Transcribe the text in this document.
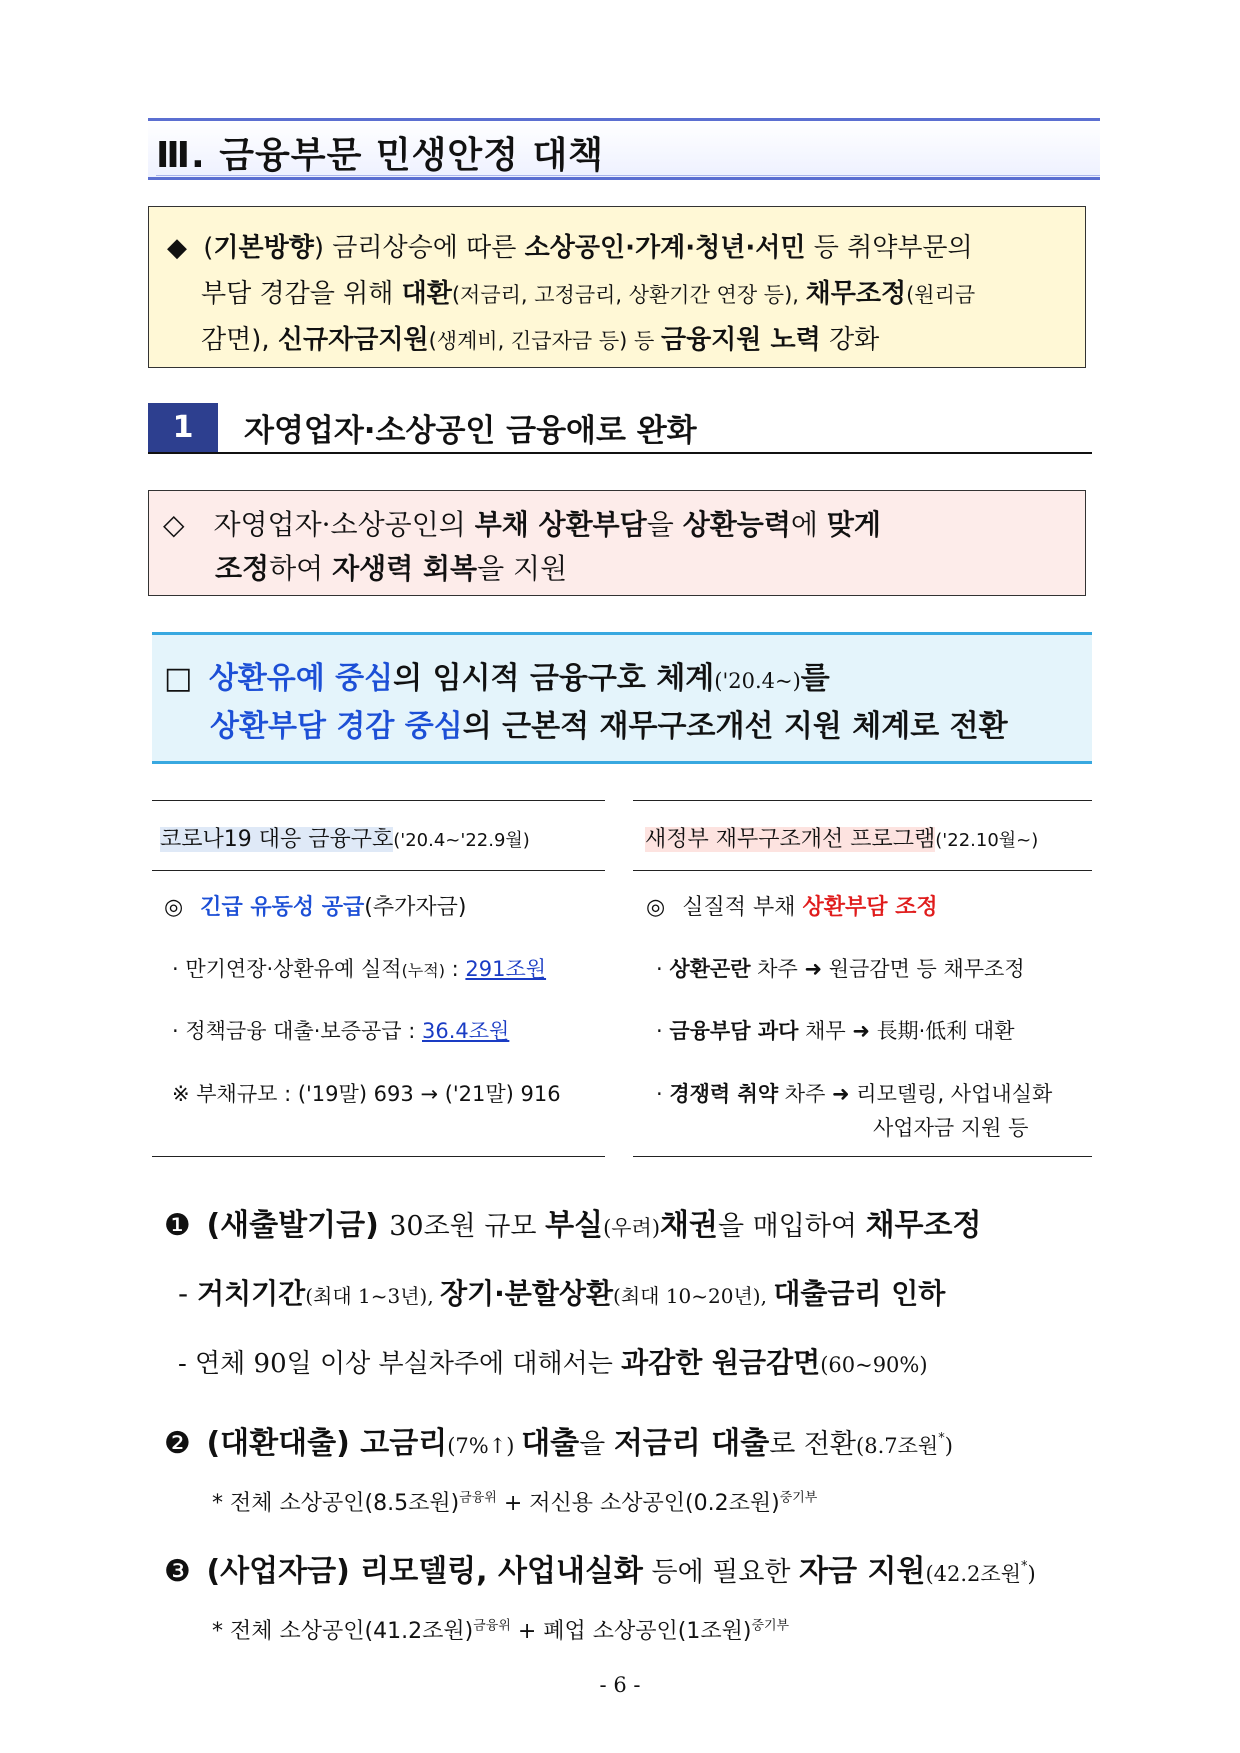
Ⅲ. 금융부문 민생안정 대책
◆ (기본방향) 금리상승에 따른 소상공인·가계·청년·서민 등 취약부문의
부담 경감을 위해 대환(저금리, 고정금리, 상환기간 연장 등), 채무조정(원리금
감면), 신규자금지원(생계비, 긴급자금 등) 등 금융지원 노력 강화
1	자영업자·소상공인 금융애로 완화
◇ 자영업자·소상공인의 부채 상환부담을 상환능력에 맞게
조정하여 자생력 회복을 지원
□ 상환유예 중심의 임시적 금융구호 체계('20.4~)를
상환부담 경감 중심의 근본적 재무구조개선 지원 체계로 전환
코로나19 대응 금융구호('20.4~'22.9월)
◎ 긴급 유동성 공급(추가자금)
· 만기연장·상환유예 실적(누적) : 291조원
· 정책금융 대출·보증공급 : 36.4조원
※ 부채규모 : ('19말) 693 → ('21말) 916
새정부 재무구조개선 프로그램('22.10월~)
◎ 실질적 부채 상환부담 조정
· 상환곤란 차주 ➜ 원금감면 등 채무조정
· 금융부담 과다 채무 ➜ 長期·低利 대환
· 경쟁력 취약 차주 ➜ 리모델링, 사업내실화
사업자금 지원 등
❶ (새출발기금) 30조원 규모 부실(우려)채권을 매입하여 채무조정
- 거치기간(최대 1~3년), 장기·분할상환(최대 10~20년), 대출금리 인하
- 연체 90일 이상 부실차주에 대해서는 과감한 원금감면(60~90%)
❷ (대환대출) 고금리(7%↑) 대출을 저금리 대출로 전환(8.7조원*)
* 전체 소상공인(8.5조원)$^{금융위}$ + 저신용 소상공인(0.2조원)$^{중기부}$
❸ (사업자금) 리모델링, 사업내실화 등에 필요한 자금 지원(42.2조원*)
* 전체 소상공인(41.2조원)$^{금융위}$ + 폐업 소상공인(1조원)$^{중기부}$
- 6 -
